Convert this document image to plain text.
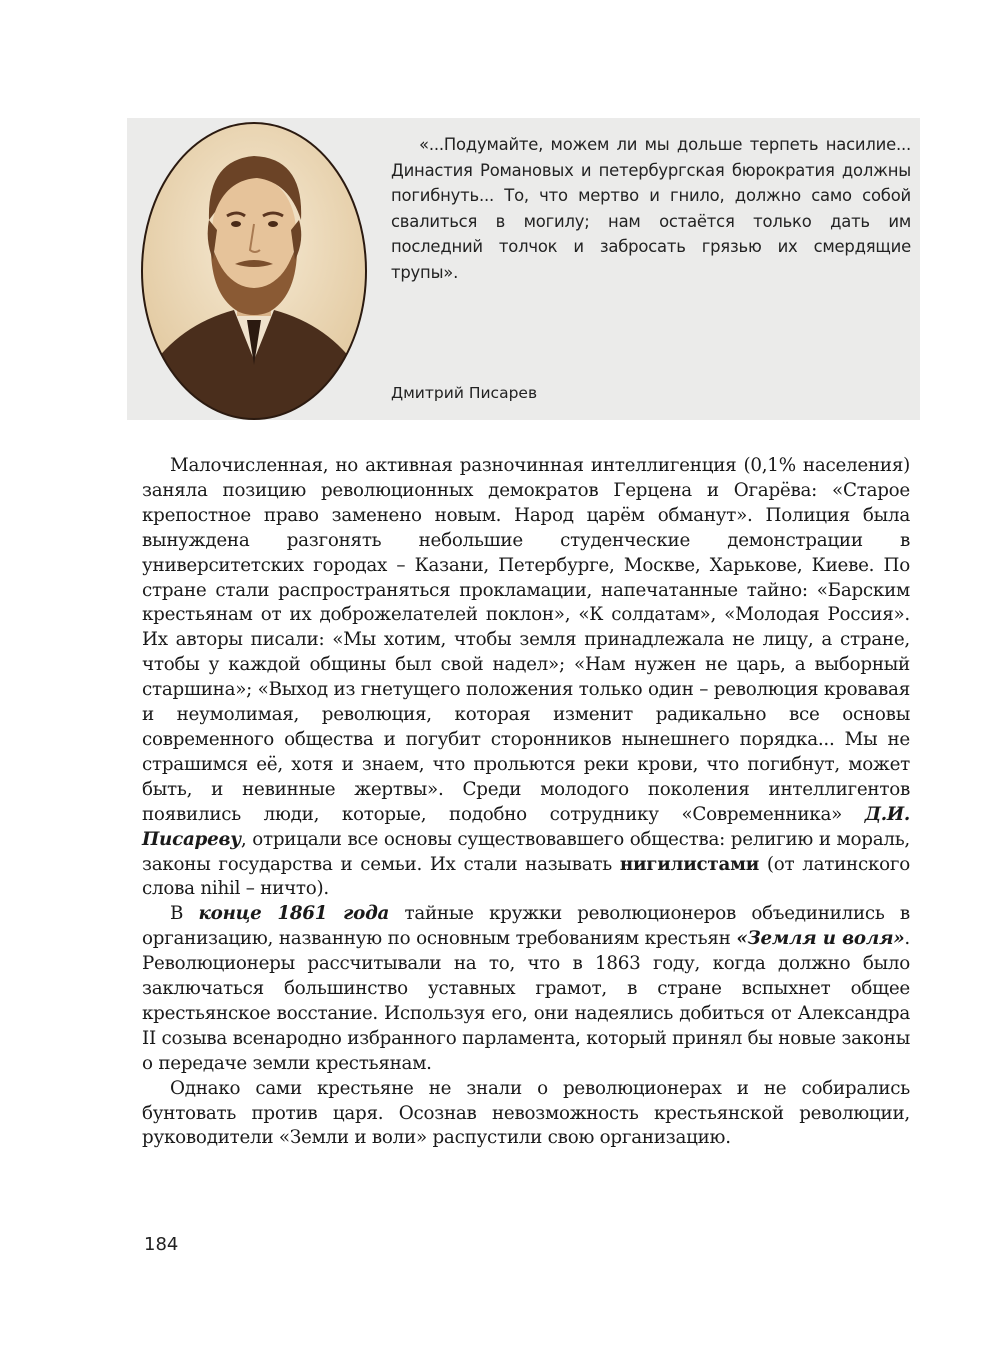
«...Подумайте, можем ли мы дольше терпеть насилие... Династия Романовых и петербургская бюрократия должны погибнуть... То, что мертво и гнило, должно само собой свалиться в могилу; нам остаётся только дать им последний толчок и забросать грязью их смердящие трупы».

Дмитрий Писарев

Малочисленная, но активная разночинная интеллигенция (0,1% населения) заняла позицию революционных демократов Герцена и Огарёва: «Старое крепостное право заменено новым. Народ царём обманут». Полиция была вынуждена разгонять небольшие студенческие демонстрации в университетских городах – Казани, Петербурге, Москве, Харькове, Киеве. По стране стали распространяться прокламации, напечатанные тайно: «Барским крестьянам от их доброжелателей поклон», «К солдатам», «Молодая Россия». Их авторы писали: «Мы хотим, чтобы земля принадлежала не лицу, а стране, чтобы у каждой общины был свой надел»; «Нам нужен не царь, а выборный старшина»; «Выход из гнетущего положения только один – революция кровавая и неумолимая, революция, которая изменит радикально все основы современного общества и погубит сторонников нынешнего порядка... Мы не страшимся её, хотя и знаем, что прольются реки крови, что погибнут, может быть, и невинные жертвы». Среди молодого поколения интеллигентов появились люди, которые, подобно сотруднику «Современника» Д.И. Писареву, отрицали все основы существовавшего общества: религию и мораль, законы государства и семьи. Их стали называть нигилистами (от латинского слова nihil – ничто).

В конце 1861 года тайные кружки революционеров объединились в организацию, названную по основным требованиям крестьян «Земля и воля». Революционеры рассчитывали на то, что в 1863 году, когда должно было заключаться большинство уставных грамот, в стране вспыхнет общее крестьянское восстание. Используя его, они надеялись добиться от Александра II созыва всенародно избранного парламента, который принял бы новые законы о передаче земли крестьянам.

Однако сами крестьяне не знали о революционерах и не собирались бунтовать против царя. Осознав невозможность крестьянской революции, руководители «Земли и воли» распустили свою организацию.

184
